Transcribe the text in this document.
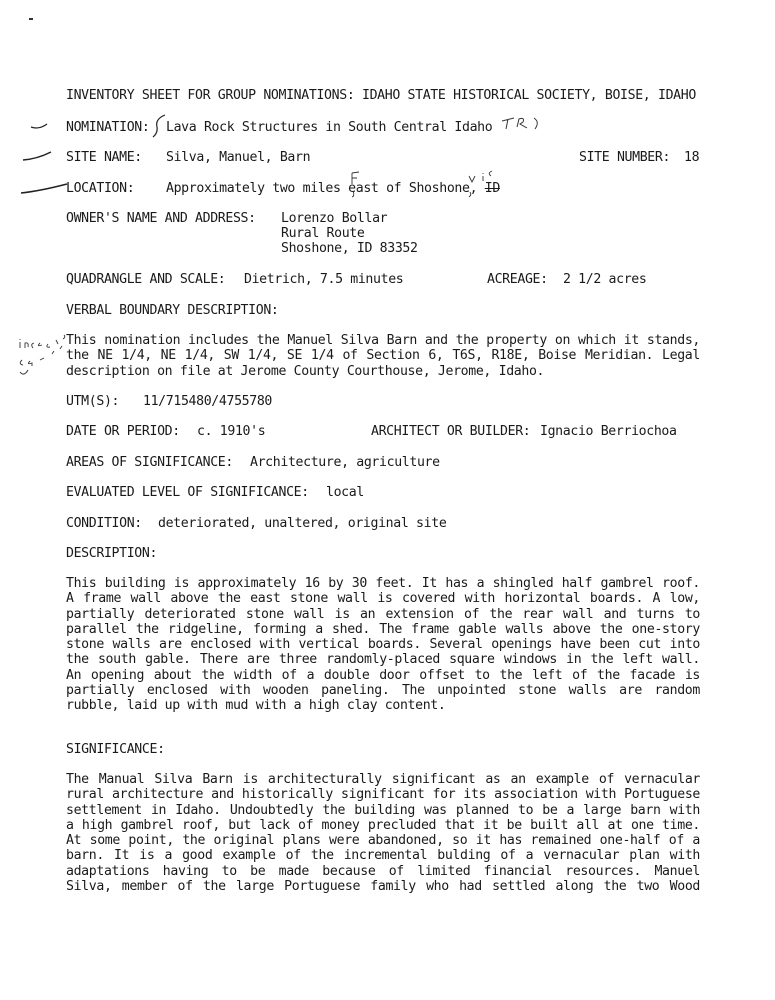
INVENTORY SHEET FOR GROUP NOMINATIONS: IDAHO STATE HISTORICAL SOCIETY, BOISE, IDAHO
NOMINATION: Lava Rock Structures in South Central Idaho
SITE NAME: Silva, Manuel, Barn	SITE NUMBER: 18
LOCATION: Approximately two miles east of Shoshone, ID
OWNER'S NAME AND ADDRESS: Lorenzo Bollar
Rural Route
Shoshone, ID 83352
QUADRANGLE AND SCALE: Dietrich, 7.5 minutes	ACREAGE: 2 1/2 acres
VERBAL BOUNDARY DESCRIPTION:
This nomination includes the Manuel Silva Barn and the property on which it stands,
the NE 1/4, NE 1/4, SW 1/4, SE 1/4 of Section 6, T6S, R18E, Boise Meridian. Legal
description on file at Jerome County Courthouse, Jerome, Idaho.
UTM(S): 11/715480/4755780
DATE OR PERIOD: c. 1910's	ARCHITECT OR BUILDER: Ignacio Berriochoa
AREAS OF SIGNIFICANCE: Architecture, agriculture
EVALUATED LEVEL OF SIGNIFICANCE: local
CONDITION: deteriorated, unaltered, original site
DESCRIPTION:
This building is approximately 16 by 30 feet. It has a shingled half gambrel roof.
A frame wall above the east stone wall is covered with horizontal boards. A low,
partially deteriorated stone wall is an extension of the rear wall and turns to
parallel the ridgeline, forming a shed. The frame gable walls above the one-story
stone walls are enclosed with vertical boards. Several openings have been cut into
the south gable. There are three randomly-placed square windows in the left wall.
An opening about the width of a double door offset to the left of the facade is
partially enclosed with wooden paneling. The unpointed stone walls are random
rubble, laid up with mud with a high clay content.
SIGNIFICANCE:
The Manual Silva Barn is architecturally significant as an example of vernacular
rural architecture and historically significant for its association with Portuguese
settlement in Idaho. Undoubtedly the building was planned to be a large barn with
a high gambrel roof, but lack of money precluded that it be built all at one time.
At some point, the original plans were abandoned, so it has remained one-half of a
barn. It is a good example of the incremental bulding of a vernacular plan with
adaptations having to be made because of limited financial resources. Manuel
Silva, member of the large Portuguese family who had settled along the two Wood
